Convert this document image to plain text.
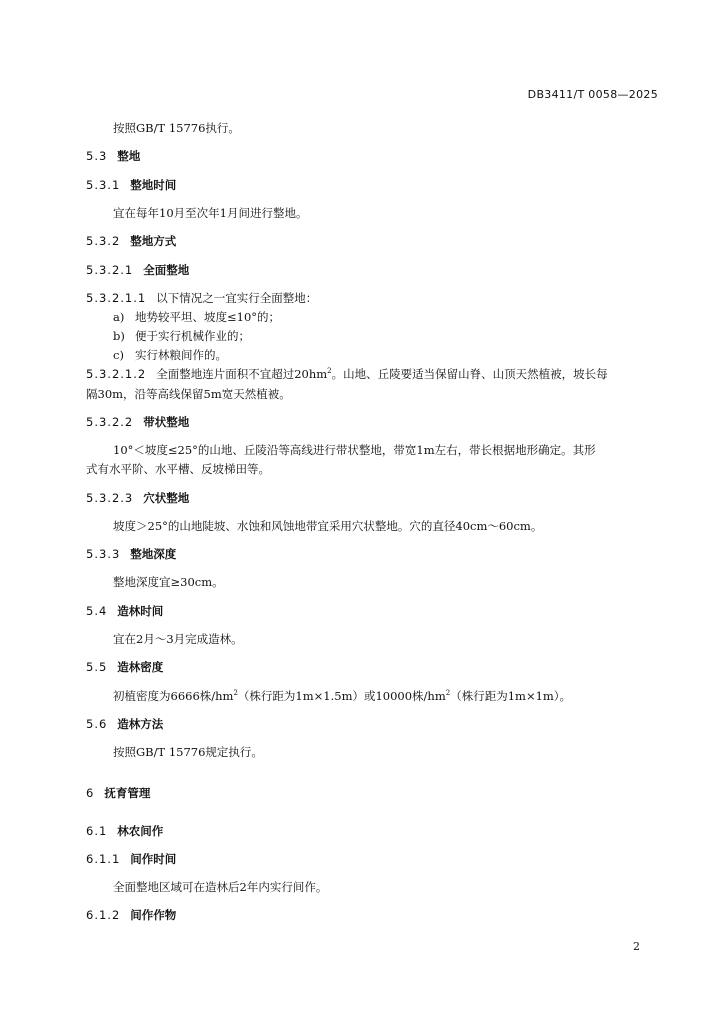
DB3411/T 0058—2025
按照GB/T 15776执行。
5.3 整地
5.3.1 整地时间
宜在每年10月至次年1月间进行整地。
5.3.2 整地方式
5.3.2.1 全面整地
5.3.2.1.1 以下情况之一宜实行全面整地：
a) 地势较平坦、坡度≤10°的；
b) 便于实行机械作业的；
c) 实行林粮间作的。
5.3.2.1.2 全面整地连片面积不宜超过$20hm^2$。山地、丘陵要适当保留山脊、山顶天然植被，坡长每
隔30m，沿等高线保留5m宽天然植被。
5.3.2.2 带状整地
10°＜坡度≤25°的山地、丘陵沿等高线进行带状整地，带宽1m左右，带长根据地形确定。其形
式有水平阶、水平槽、反坡梯田等。
5.3.2.3 穴状整地
坡度＞25°的山地陡坡、水蚀和风蚀地带宜采用穴状整地。穴的直径40cm～60cm。
5.3.3 整地深度
整地深度宜≥30cm。
5.4 造林时间
宜在2月～3月完成造林。
5.5 造林密度
初植密度为6666株$/hm^2$（株行距为1m×1.5m）或10000株$/hm^2$（株行距为1m×1m）。
5.6 造林方法
按照GB/T 15776规定执行。
6 抚育管理
6.1 林农间作
6.1.1 间作时间
全面整地区域可在造林后2年内实行间作。
6.1.2 间作作物
2
